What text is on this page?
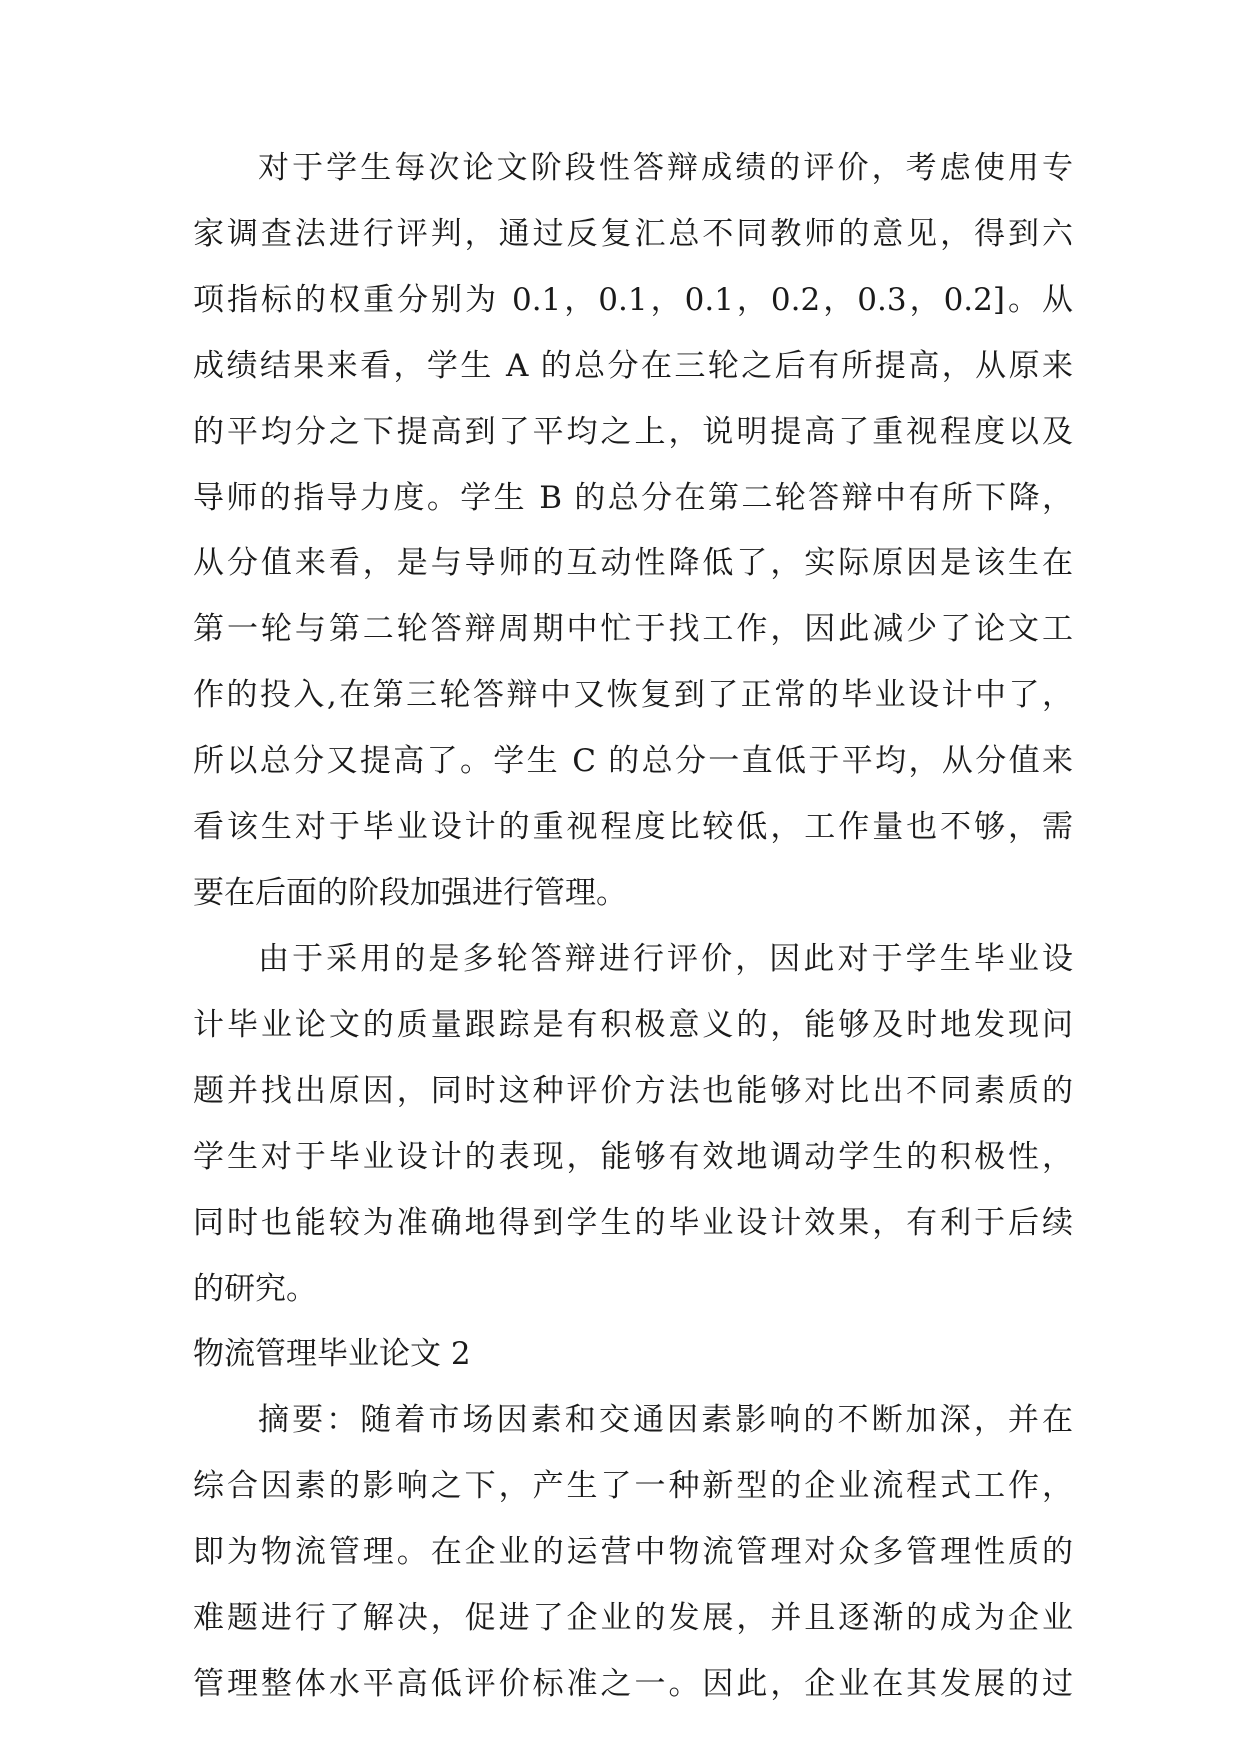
对于学生每次论文阶段性答辩成绩的评价，考虑使用专

家调查法进行评判，通过反复汇总不同教师的意见，得到六

项指标的权重分别为 0.1，0.1，0.1，0.2，0.3，0.2]。从

成绩结果来看，学生 A 的总分在三轮之后有所提高，从原来

的平均分之下提高到了平均之上，说明提高了重视程度以及

导师的指导力度。学生 B 的总分在第二轮答辩中有所下降，

从分值来看，是与导师的互动性降低了，实际原因是该生在

第一轮与第二轮答辩周期中忙于找工作，因此减少了论文工

作的投入,在第三轮答辩中又恢复到了正常的毕业设计中了，

所以总分又提高了。学生 C 的总分一直低于平均，从分值来

看该生对于毕业设计的重视程度比较低，工作量也不够，需

要在后面的阶段加强进行管理。

由于采用的是多轮答辩进行评价，因此对于学生毕业设

计毕业论文的质量跟踪是有积极意义的，能够及时地发现问

题并找出原因，同时这种评价方法也能够对比出不同素质的

学生对于毕业设计的表现，能够有效地调动学生的积极性，

同时也能较为准确地得到学生的毕业设计效果，有利于后续

的研究。

物流管理毕业论文 2

摘要：随着市场因素和交通因素影响的不断加深，并在

综合因素的影响之下，产生了一种新型的企业流程式工作，

即为物流管理。在企业的运营中物流管理对众多管理性质的

难题进行了解决，促进了企业的发展，并且逐渐的成为企业

管理整体水平高低评价标准之一。因此，企业在其发展的过
